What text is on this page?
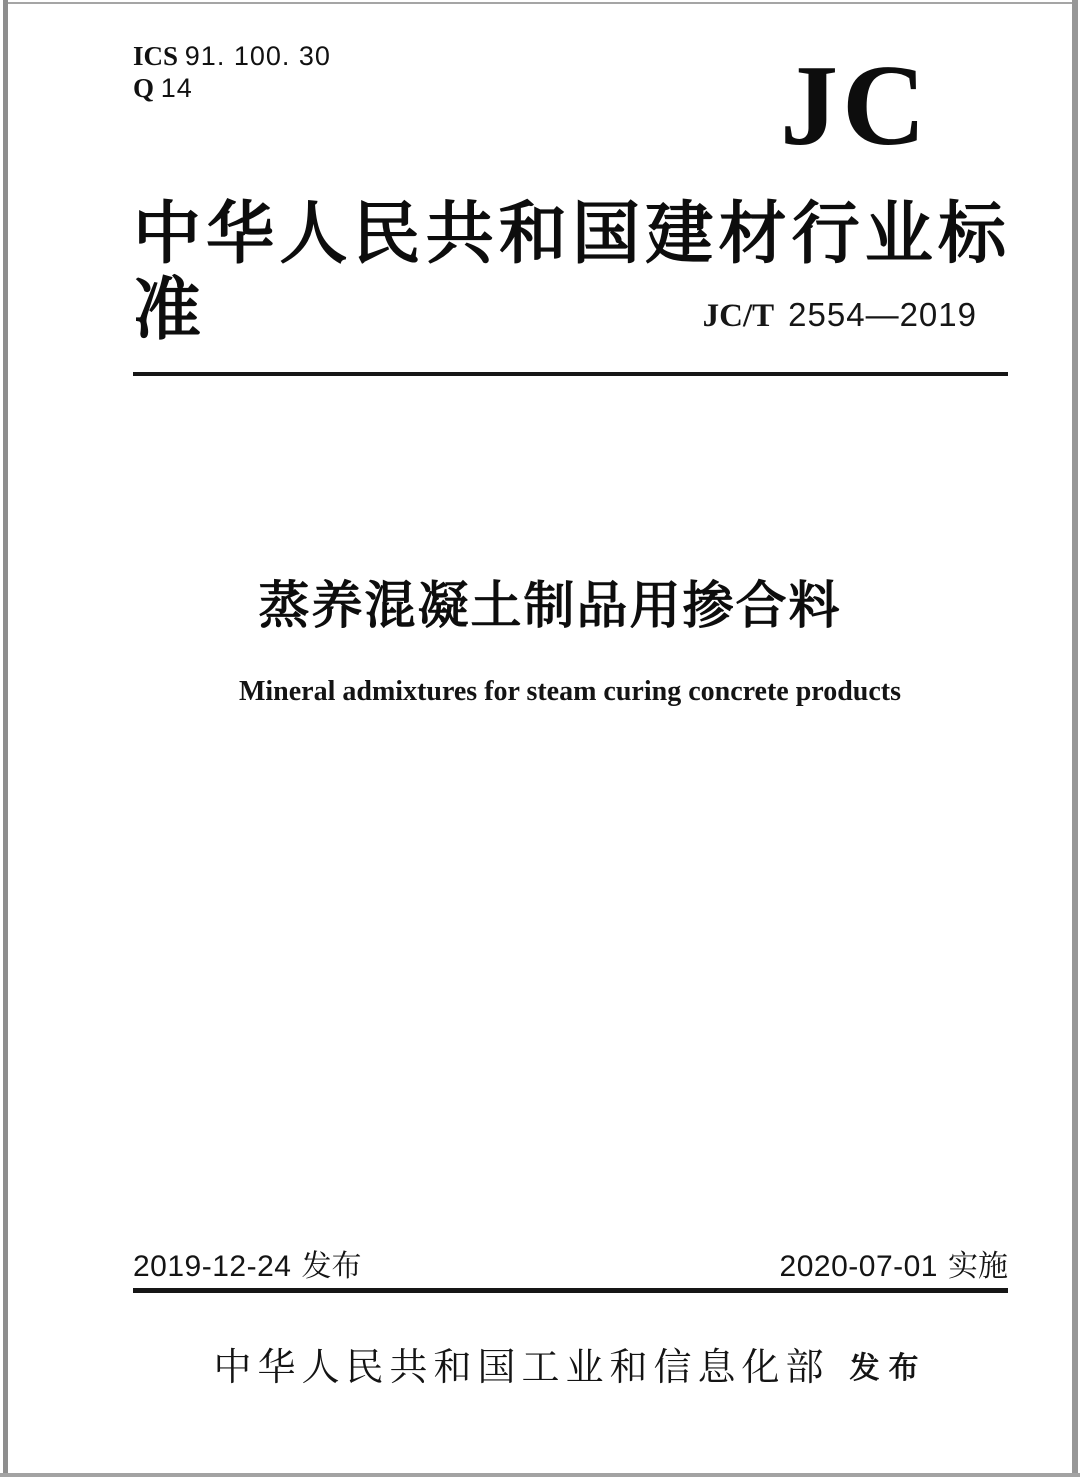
ICS 91. 100. 30
Q 14	JC
中华人民共和国建材行业标准	JC/T 2554—2019
蒸养混凝土制品用掺合料
Mineral admixtures for steam curing concrete products
2019-12-24 发布	2020-07-01 实施
中华人民共和国工业和信息化部 发布
